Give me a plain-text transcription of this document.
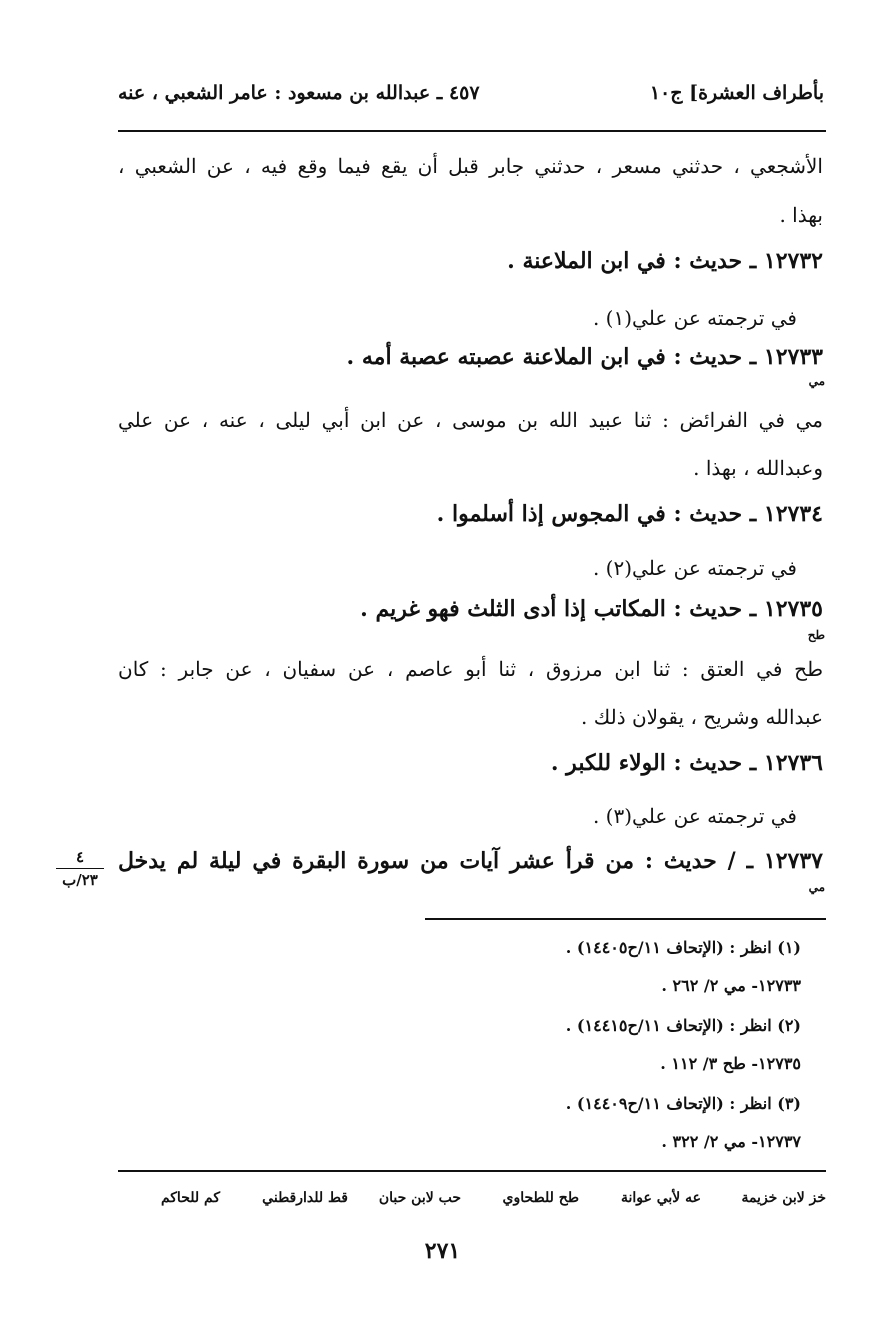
بأطراف العشرة] ج١٠
٤٥٧ ـ عبدالله بن مسعود : عامر الشعبي ، عنه
الأشجعي ، حدثني مسعر ، حدثني جابر قبل أن يقع فيما وقع فيه ، عن الشعبي ،
بهذا .
١٢٧٣٢ ـ حديث : في ابن الملاعنة .
في ترجمته عن علي(١) .
١٢٧٣٣ ـ حديث : في ابن الملاعنة عصبته عصبة أمه .
مي
مي في الفرائض : ثنا عبيد الله بن موسى ، عن ابن أبي ليلى ، عنه ، عن علي
وعبدالله ، بهذا .
١٢٧٣٤ ـ حديث : في المجوس إذا أسلموا .
في ترجمته عن علي(٢) .
١٢٧٣٥ ـ حديث : المكاتب إذا أدى الثلث فهو غريم .
طح
طح في العتق : ثنا ابن مرزوق ، ثنا أبو عاصم ، عن سفيان ، عن جابر : كان
عبدالله وشريح ، يقولان ذلك .
١٢٧٣٦ ـ حديث : الولاء للكبر .
في ترجمته عن علي(٣) .
١٢٧٣٧ ـ / حديث : من قرأ عشر آيات من سورة البقرة في ليلة لم يدخل
مي
٤
٢٣/ب
(١) انظر : (الإتحاف ١١/ح١٤٤٠٥) .
١٢٧٣٣- مي ٢/ ٢٦٢ .
(٢) انظر : (الإتحاف ١١/ح١٤٤١٥) .
١٢٧٣٥- طح ٣/ ١١٢ .
(٣) انظر : (الإتحاف ١١/ح١٤٤٠٩) .
١٢٧٣٧- مي ٢/ ٣٢٢ .
خز لابن خزيمة
عه لأبي عوانة
طح للطحاوي
حب لابن حبان
قط للدارقطني
كم للحاكم
٢٧١
